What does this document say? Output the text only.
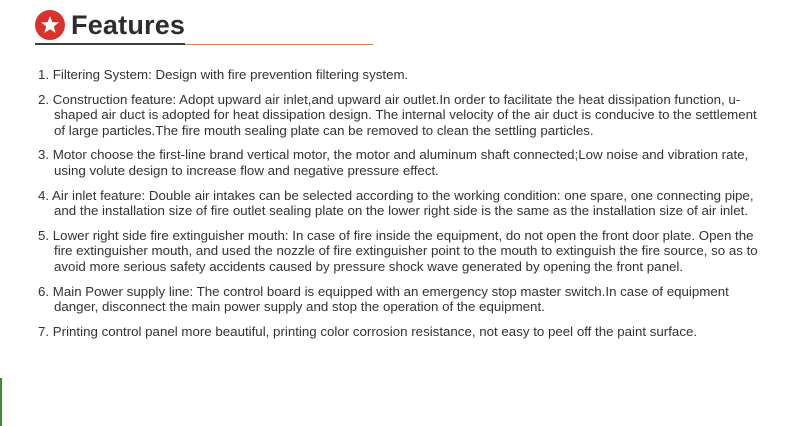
Features
1. Filtering System: Design with fire prevention filtering system.
2. Construction feature: Adopt upward air inlet,and upward air outlet.In order to facilitate the heat dissipation function, u-shaped air duct is adopted for heat dissipation design. The internal velocity of the air duct is conducive to the settlement of large particles.The fire mouth sealing plate can be removed to clean the settling particles.
3. Motor choose the first-line brand vertical motor, the motor and aluminum shaft connected;Low noise and vibration rate, using volute design to increase flow and negative pressure effect.
4. Air inlet feature: Double air intakes can be selected according to the working condition: one spare, one connecting pipe, and the installation size of fire outlet sealing plate on the lower right side is the same as the installation size of air inlet.
5. Lower right side fire extinguisher mouth: In case of fire inside the equipment, do not open the front door plate. Open the fire extinguisher mouth, and used the nozzle of fire extinguisher point to the mouth to extinguish the fire source, so as to avoid more serious safety accidents caused by pressure shock wave generated by opening the front panel.
6. Main Power supply line: The control board is equipped with an emergency stop master switch.In case of equipment danger, disconnect the main power supply and stop the operation of the equipment.
7. Printing control panel more beautiful, printing color corrosion resistance, not easy to peel off the paint surface.
